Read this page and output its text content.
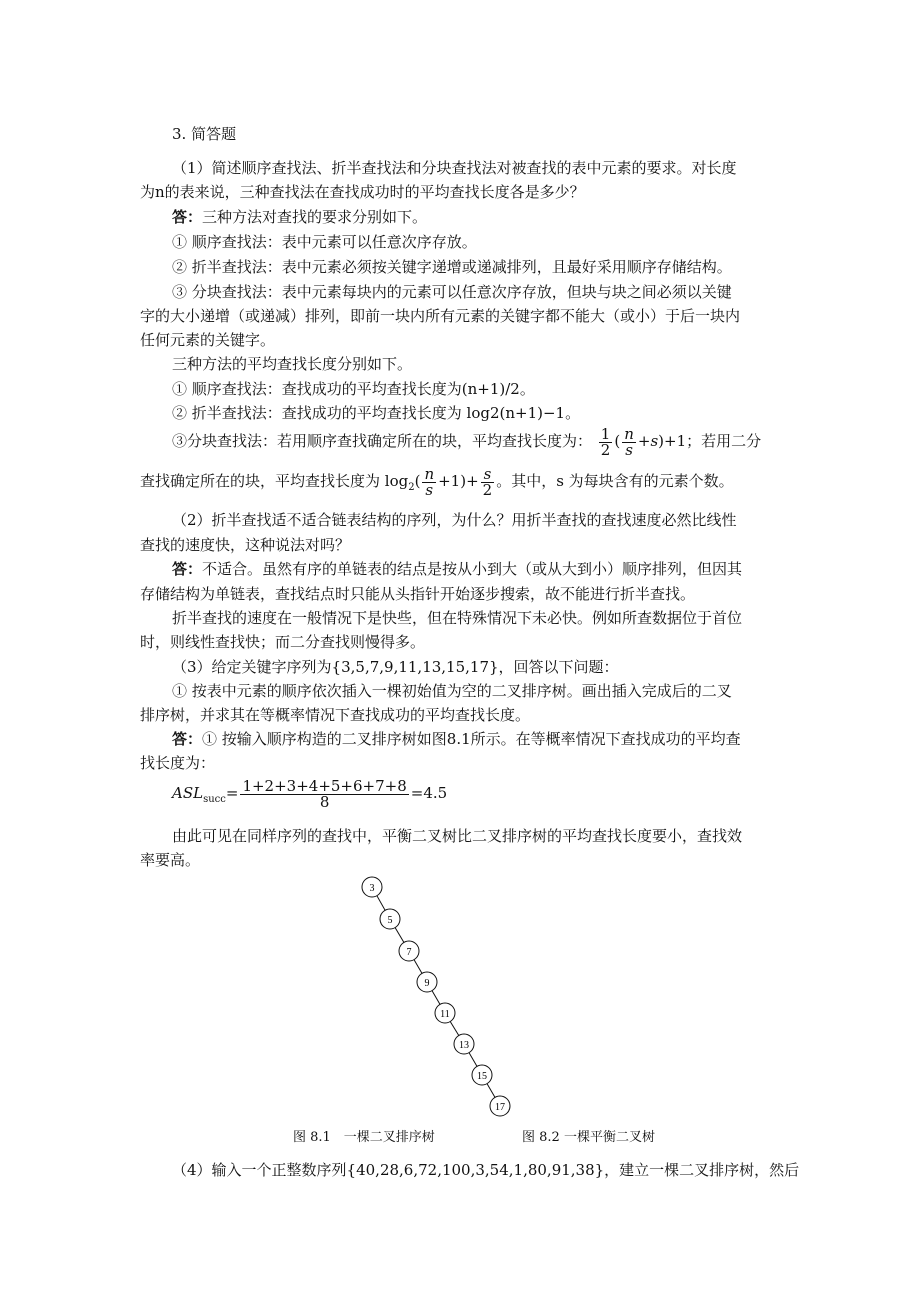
3. 简答题
（1）简述顺序查找法、折半查找法和分块查找法对被查找的表中元素的要求。对长度
为n的表来说，三种查找法在查找成功时的平均查找长度各是多少？
答：三种方法对查找的要求分别如下。
① 顺序查找法：表中元素可以任意次序存放。
② 折半查找法：表中元素必须按关键字递增或递减排列，且最好采用顺序存储结构。
③ 分块查找法：表中元素每块内的元素可以任意次序存放，但块与块之间必须以关键
字的大小递增（或递减）排列，即前一块内所有元素的关键字都不能大（或小）于后一块内
任何元素的关键字。
三种方法的平均查找长度分别如下。
① 顺序查找法：查找成功的平均查找长度为(n+1)/2。
② 折半查找法：查找成功的平均查找长度为 log2(n+1)−1。
③分块查找法：若用顺序查找确定所在的块，平均查找长度为： $\frac{1}{2}$ ( $\frac{n}{s} +s)+1$；若用二分
查找确定所在的块，平均查找长度为 $\log_2( \frac{n}{s} +1)+ \frac{s}{2}$ 。其中，s 为每块含有的元素个数。
（2）折半查找适不适合链表结构的序列，为什么？用折半查找的查找速度必然比线性
查找的速度快，这种说法对吗？
答：不适合。虽然有序的单链表的结点是按从小到大（或从大到小）顺序排列，但因其
存储结构为单链表，查找结点时只能从头指针开始逐步搜索，故不能进行折半查找。
折半查找的速度在一般情况下是快些，但在特殊情况下未必快。例如所查数据位于首位
时，则线性查找快；而二分查找则慢得多。
（3）给定关键字序列为{3,5,7,9,11,13,15,17}，回答以下问题：
① 按表中元素的顺序依次插入一棵初始值为空的二叉排序树。画出插入完成后的二叉
排序树，并求其在等概率情况下查找成功的平均查找长度。
答：① 按输入顺序构造的二叉排序树如图8.1所示。在等概率情况下查找成功的平均查
找长度为：
$ASL_{succ}= \frac{1+2+3+4+5+6+7+8}{8} =4.5$
由此可见在同样序列的查找中，平衡二叉树比二叉排序树的平均查找长度要小，查找效
率要高。
3
5
7
9
11
13
15
17
图 8.1　一棵二叉排序树	图 8.2 一棵平衡二叉树
（4）输入一个正整数序列{40,28,6,72,100,3,54,1,80,91,38}，建立一棵二叉排序树，然后
